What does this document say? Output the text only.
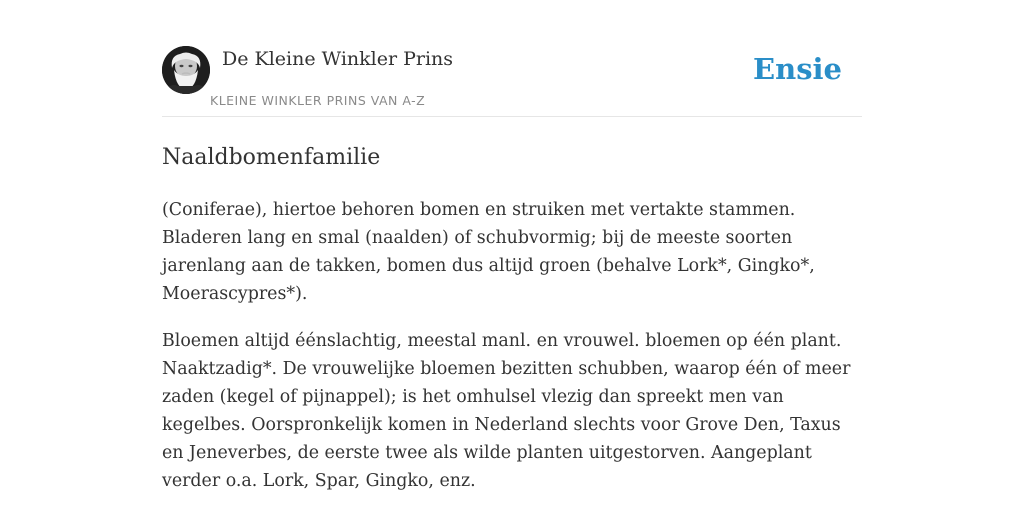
De Kleine Winkler Prins
KLEINE WINKLER PRINS VAN A-Z
Ensie
Naaldbomenfamilie

(Coniferae), hiertoe behoren bomen en struiken met vertakte stammen. Bladeren lang en smal (naalden) of schubvormig; bij de meeste soorten jarenlang aan de takken, bomen dus altijd groen (behalve Lork*, Gingko*, Moerascypres*).

Bloemen altijd éénslachtig, meestal manl. en vrouwel. bloemen op één plant. Naaktzadig*. De vrouwelijke bloemen bezitten schubben, waarop één of meer zaden (kegel of pijnappel); is het omhulsel vlezig dan spreekt men van kegelbes. Oorspronkelijk komen in Nederland slechts voor Grove Den, Taxus en Jeneverbes, de eerste twee als wilde planten uitgestorven. Aangeplant verder o.a. Lork, Spar, Gingko, enz.
